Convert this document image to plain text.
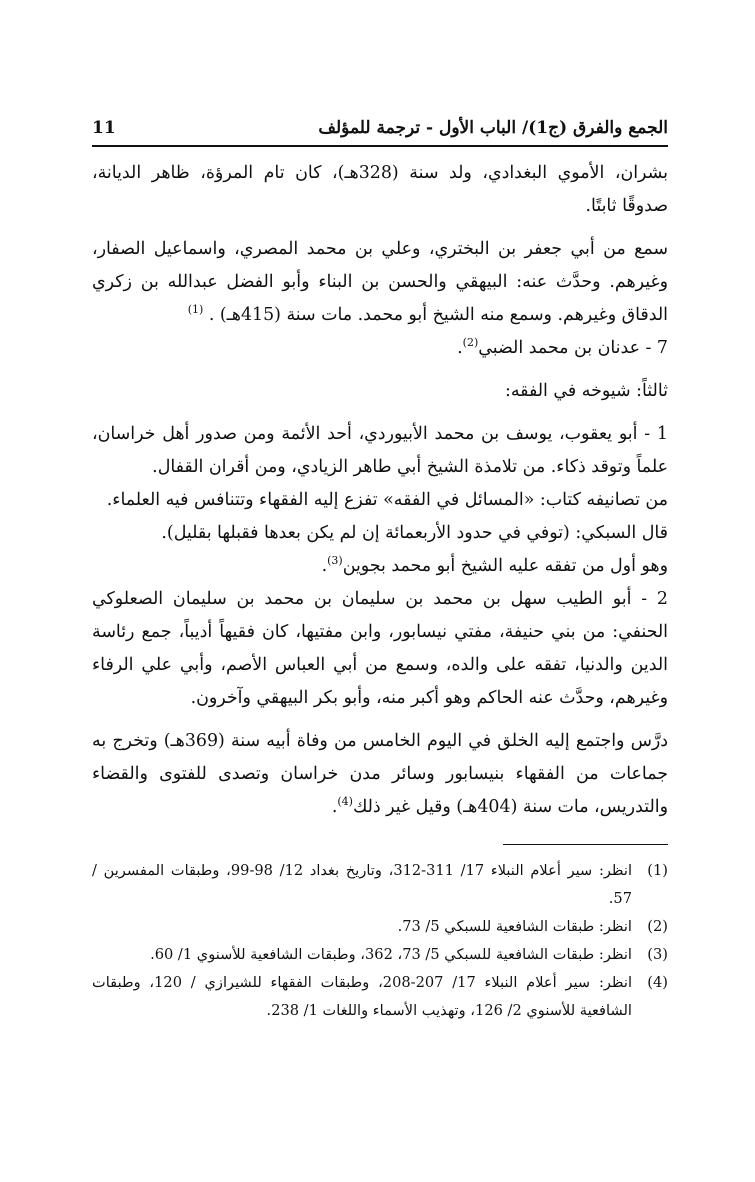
الجمع والفرق (ج1)/ الباب الأول - ترجمة للمؤلف
11

بشران، الأموي البغدادي، ولد سنة (328هـ)، كان تام المرؤة، ظاهر الديانة، صدوقًا ثابتًا.

سمع من أبي جعفر بن البختري، وعلي بن محمد المصري، واسماعيل الصفار، وغيرهم. وحدَّث عنه: البيهقي والحسن بن البناء وأبو الفضل عبدالله بن زكري الدقاق وغيرهم. وسمع منه الشيخ أبو محمد. مات سنة (415هـ) . $^{(1)}$

7 - عدنان بن محمد الضبي$^{(2)}$.

ثالثاً: شيوخه في الفقه:

1 - أبو يعقوب، يوسف بن محمد الأبيوردي، أحد الأئمة ومن صدور أهل خراسان، علماً وتوقد ذكاء. من تلامذة الشيخ أبي طاهر الزيادي، ومن أقران القفال.

من تصانيفه كتاب: «المسائل في الفقه» تفزع إليه الفقهاء وتتنافس فيه العلماء.

قال السبكي: (توفي في حدود الأربعمائة إن لم يكن بعدها فقبلها بقليل).

وهو أول من تفقه عليه الشيخ أبو محمد بجوين$^{(3)}$.

2 - أبو الطيب سهل بن محمد بن سليمان بن محمد بن سليمان الصعلوكي الحنفي: من بني حنيفة، مفتي نيسابور، وابن مفتيها، كان فقيهاً أديباً، جمع رئاسة الدين والدنيا، تفقه على والده، وسمع من أبي العباس الأصم، وأبي علي الرفاء وغيرهم، وحدَّث عنه الحاكم وهو أكبر منه، وأبو بكر البيهقي وآخرون.

درَّس واجتمع إليه الخلق في اليوم الخامس من وفاة أبيه سنة (369هـ) وتخرج به جماعات من الفقهاء بنيسابور وسائر مدن خراسان وتصدى للفتوى والقضاء والتدريس، مات سنة (404هـ) وقيل غير ذلك$^{(4)}$.

(1)
انظر: سير أعلام النبلاء 17/ 311-312، وتاريخ بغداد 12/ 98-99، وطبقات المفسرين / 57.
(2)
انظر: طبقات الشافعية للسبكي 5/ 73.
(3)
انظر: طبقات الشافعية للسبكي 5/ 73، 362، وطبقات الشافعية للأسنوي 1/ 60.
(4)
انظر: سير أعلام النبلاء 17/ 207-208، وطبقات الفقهاء للشيرازي / 120، وطبقات الشافعية للأسنوي 2/ 126، وتهذيب الأسماء واللغات 1/ 238.
